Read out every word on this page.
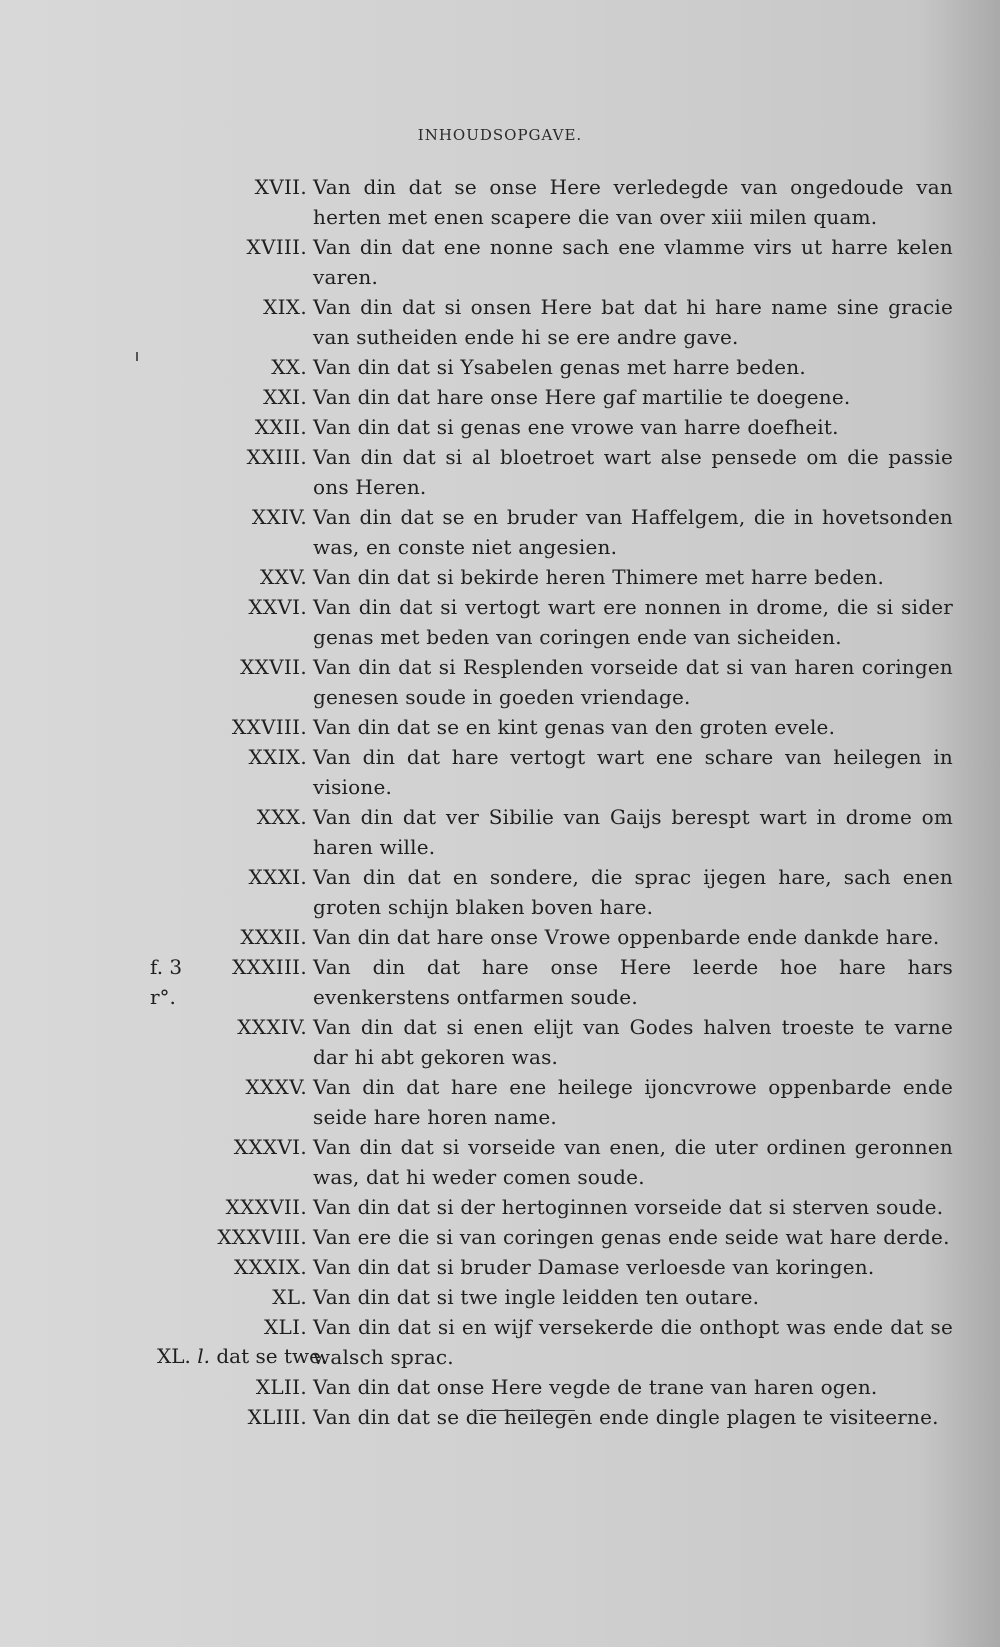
INHOUDSOPGAVE.
XVII. Van din dat se onse Here verledegde van ongedoude van herten met enen scapere die van over xiii milen quam.
XVIII. Van din dat ene nonne sach ene vlamme virs ut harre kelen varen.
XIX. Van din dat si onsen Here bat dat hi hare name sine gracie van sutheiden ende hi se ere andre gave.
XX. Van din dat si Ysabelen genas met harre beden.
XXI. Van din dat hare onse Here gaf martilie te doegene.
XXII. Van din dat si genas ene vrowe van harre doefheit.
XXIII. Van din dat si al bloetroet wart alse pensede om die passie ons Heren.
XXIV. Van din dat se en bruder van Haffelgem, die in hovetsonden was, en conste niet angesien.
XXV. Van din dat si bekirde heren Thimere met harre beden.
XXVI. Van din dat si vertogt wart ere nonnen in drome, die si sider genas met beden van coringen ende van sicheiden.
XXVII. Van din dat si Resplenden vorseide dat si van haren coringen genesen soude in goeden vriendage.
XXVIII. Van din dat se en kint genas van den groten evele.
XXIX. Van din dat hare vertogt wart ene schare van heilegen in visione.
XXX. Van din dat ver Sibilie van Gaijs berespt wart in drome om haren wille.
XXXI. Van din dat en sondere, die sprac ijegen hare, sach enen groten schijn blaken boven hare.
XXXII. Van din dat hare onse Vrowe oppenbarde ende dankde hare.
f. 3 r°.
XXXIII. Van din dat hare onse Here leerde hoe hare hars evenkerstens ontfarmen soude.
XXXIV. Van din dat si enen elijt van Godes halven troeste te varne dar hi abt gekoren was.
XXXV. Van din dat hare ene heilege ijoncvrowe oppenbarde ende seide hare horen name.
XXXVI. Van din dat si vorseide van enen, die uter ordinen geronnen was, dat hi weder comen soude.
XXXVII. Van din dat si der hertoginnen vorseide dat si sterven soude.
XXXVIII. Van ere die si van coringen genas ende seide wat hare derde.
XXXIX. Van din dat si bruder Damase verloesde van koringen.
XL. Van din dat si twe ingle leidden ten outare.
XLI. Van din dat si en wijf versekerde die onthopt was ende dat se walsch sprac.
XLII. Van din dat onse Here vegde de trane van haren ogen.
XLIII. Van din dat se die heilegen ende dingle plagen te visiteerne.
XL. l. dat se twe.
